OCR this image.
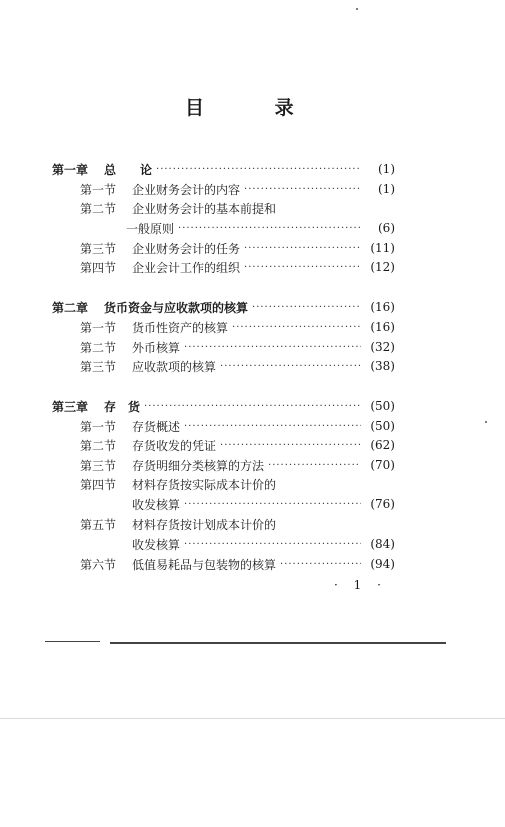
目 录
第一章 总　　论 ·····	(1)
第一节 企业财务会计的内容 ·····	(1)
第二节 企业财务会计的基本前提和
一般原则 ·····	(6)
第三节 企业财务会计的任务 ·····	(11)
第四节 企业会计工作的组织 ·····	(12)
第二章 货币资金与应收款项的核算 ·····	(16)
第一节 货币性资产的核算 ·····	(16)
第二节 外币核算 ·····	(32)
第三节 应收款项的核算 ·····	(38)
第三章 存　货 ·····	(50)
第一节 存货概述 ·····	(50)
第二节 存货收发的凭证 ·····	(62)
第三节 存货明细分类核算的方法 ·····	(70)
第四节 材料存货按实际成本计价的
收发核算 ·····	(76)
第五节 材料存货按计划成本计价的
收发核算 ·····	(84)
第六节 低值易耗品与包装物的核算 ·····	(94)
· 1 ·
